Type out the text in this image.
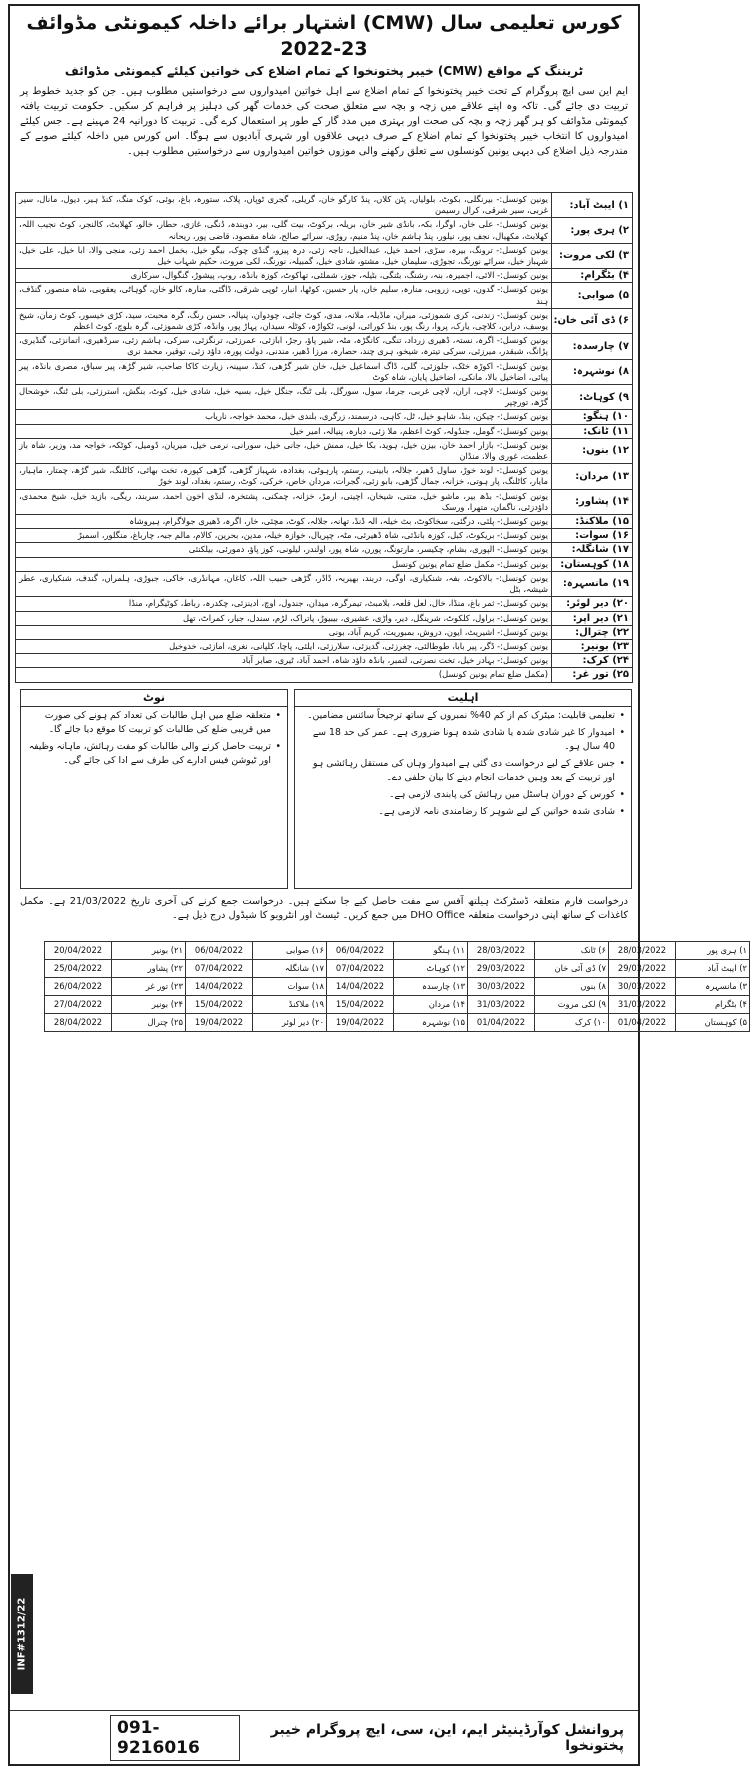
اشتہار برائے داخلہ کیمونٹی مڈوائف (CMW) کورس تعلیمی سال 23-2022
خیبر پختونخوا کے تمام اضلاع کی خواتین کیلئے کیمونٹی مڈوائف (CMW) ٹریننگ کے مواقع
ایم این سی ایچ پروگرام کے تحت خیبر پختونخوا کے تمام اضلاع سے اہل خواتین امیدواروں سے درخواستیں مطلوب ہیں۔ جن کو جدید خطوط پر تربیت دی جائے گی۔ تاکہ وہ اپنے علاقے میں زچہ و بچہ سے متعلق صحت کی خدمات گھر کی دہلیز پر فراہم کر سکیں۔ حکومت تربیت یافتہ کیمونٹی مڈوائف کو ہر گھر زچہ و بچہ کی صحت اور بہتری میں مدد گار کے طور پر استعمال کرے گی۔ تربیت کا دورانیہ 24 مہینے ہے۔ جس کیلئے امیدواروں کا انتخاب خیبر پختونخوا کے تمام اضلاع کے صرف دیہی علاقوں اور شہری آبادیوں سے ہوگا۔ اس کورس میں داخلہ کیلئے صوبے کے مندرجہ ذیل اضلاع کی دیہی یونین کونسلوں سے تعلق رکھنے والی موزوں خواتین امیدواروں سے درخواستیں مطلوب ہیں۔
۱) ایبٹ آباد:	یونین کونسل:- بیرنگلی، بکوٹ، بلولیاں، پٹن کلاں، پنڈ کارگو خان، گریلی، گجری ٹوپاں، پلاک، ستورہ، باغ، بوئی، کوک منگ، کنڈ ہیر، دیول، مانال، سیر غربی، سیر شرقی، کرال رسیمن
۲) ہری پور:	یونین کونسل:- علی خان، اوگرا، بکہ، بانڈی شیر خان، بریلہ، برکوٹ، بیت گلی، بیر، دوبندہ، ڈنگی، غازی، حطار، خالو، کھلابٹ، کالنجر، کوٹ نجیب اللہ، کھلابٹ، مکھیال، نجف پور، نیلور، پنڈ ہاشم خان، پنڈ منیم، روڑی، سرائے صالح، شاہ مقصود، قاضی پور، ریحانہ
۳) لکی مروت:	یونین کونسل:- ترونگ، بیرہ، سڑی، احمد خیل، عبدالخیل، تاجہ زئی، درہ پیزو، گنڈی چوک، بیگو خیل، بخمل احمد زئی، منجی والا، ابا خیل، علی خیل، شہباز خیل، سرائے نورنگ، تجوڑی، سلیمان خیل، مشتو، شادی خیل، گمبیلہ، نورنگ، لکی مروت، حکیم شہاب خیل
۴) بٹگرام:	یونین کونسل:- الائی، اجمیرہ، بنہ، رشنگ، بٹنگی، بٹیلہ، جوز، شملئی، تھاکوٹ، کوزہ بانڈہ، روپ، پیشوڑ، گنگوال، سرکاری
۵) صوابی:	یونین کونسل:- گدون، توپی، زروبی، منارہ، سلیم خان، یار حسین، کوٹھا، انبار، ٹوپی شرقی، ڈاگئی، منارہ، کالو خان، گوہاٹی، یعقوبی، شاہ منصور، گنڈف، ہند
۶) ڈی آئی خان:	یونین کونسل:- زندنی، کری شموزئی، میران، ماڈیلہ، ملانہ، مدی، کوٹ جائی، چودوان، پنیالہ، حسن رنگ، گرہ محبت، سید، کڑی خیسور، کوٹ زمان، شیخ یوسف، درابن، کلاچی، یارک، پروا، رنگ پور، بنڈ کورائی، لونی، ٹکواڑہ، کوٹلہ سیدان، پہاڑ پور، وانڈہ، کڑی شموزئی، گرہ بلوچ، کوٹ اعظم
۷) چارسدہ:	یونین کونسل:- اگرہ، نستہ، ڈھیری زرداد، تنگی، کانگڑہ، مٹہ، شیر پاؤ، رجڑ، ابازئی، عمرزئی، ترنگزئی، سرکی، ہاشم زئی، سرڈھیری، اتمانزئی، گنڈیری، پڑانگ، شبقدر، میرزئی، سرکی تیترہ، شیخو، ہری چند، حصارہ، مرزا ڈھیر، مندنی، دولت پورہ، داؤد زئی، توقیر، محمد نری
۸) نوشہرہ:	یونین کونسل:- اکوڑہ خٹک، جلوزئی، گلی، ڈاگ اسماعیل خیل، خان شیر گڑھی، کنڈ، سپینہ، زیارت کاکا صاحب، شیر گڑھ، پیر سباق، مصری بانڈہ، پیر پیائی، اضاخیل بالا، مانکی، اضاخیل پایان، شاہ کوٹ
۹) کوہاٹ:	یونین کونسل:- لاچی، اران، لاچی غربی، جرما، سول، سورگل، بلی ٹنگ، جنگل خیل، بسیہ خیل، شادی خیل، کوٹ، بنگش، استرزئی، بلی ٹنگ، خوشحال گڑھ، تورچپر
۱۰) ہنگو:	یونین کونسل:- چیکن، بنڈ، شاہو خیل، ٹل، کاہی، درسمند، زرگری، بلندی خیل، محمد خواجہ، ناریاب
۱۱) ٹانک:	یونین کونسل:- گومل، جنڈولہ، کوٹ اعظم، ملا زئی، دبارہ، پنیالہ، امیر خیل
۱۲) بنوں:	یونین کونسل:- بازار احمد خان، بیزن خیل، ہوید، بکا خیل، ممش خیل، جانی خیل، سورانی، نرمی خیل، میریان، ڈومیل، کوٹکہ، خواجہ مد، وزیر، شاہ باز عظمت، غوری والا، منڈان
۱۳) مردان:	یونین کونسل:- لوند خوڑ، ساول ڈھیر، جلالہ، بابینی، رستم، پارہوٹی، بغدادہ، شہباز گڑھی، گڑھی کپورہ، تخت بھائی، کاٹلنگ، شیر گڑھ، چمتار، ماہیار، مایار، کاٹلنگ، پار ہوتی، خزانہ، جمال گڑھی، بابو زئی، گجرات، مردان خاص، خرکی، کوٹ، رستم، بغداد، لوند خوڑ
۱۴) پشاور:	یونین کونسل:- بڈھ بیر، ماشو خیل، متنی، شیخان، اچینی، ارمڑ، خزانہ، چمکنی، پشتخرہ، لنڈی اخون احمد، سربند، ریگی، بازید خیل، شیخ محمدی، داؤدزئی، ناگمان، متھرا، ورسک
۱۵) ملاکنڈ:	یونین کونسل:- پلئی، درگئی، سخاکوٹ، بٹ خیلہ، الہ ڈنڈ، تھانہ، جلالہ، کوٹ، مچئی، خار، اگرہ، ڈھیری جولاگرام، ہیروشاہ
۱۶) سوات:	یونین کونسل:- بریکوٹ، کبل، کوزہ بانڈئی، شاہ ڈھیرئی، مٹہ، چپریال، خوازہ خیلہ، مدین، بحرین، کالام، مالم جبہ، چارباغ، منگلور، اسمبڑ
۱۷) شانگلہ:	یونین کونسل:- الپوری، بشام، چکیسر، مارتونگ، پورن، شاہ پور، اولندر، لیلونی، کوز پاؤ، دمورئی، بیلکنئی
۱۸) کوہستان:	یونین کونسل:- مکمل ضلع تمام یونین کونسل
۱۹) مانسہرہ:	یونین کونسل:- بالاکوٹ، بفہ، شنکیاری، اوگی، دربند، بھیربہ، ڈاڈر، گڑھی حبیب اللہ، کاغان، مہانڈری، خاکی، جبوڑی، ہلمراں، گندف، شنکیاری، عطر شیشہ، بٹل
۲۰) دیر لوئر:	یونین کونسل:- ثمر باغ، منڈا، خال، لعل قلعہ، بلامبٹ، تیمرگرہ، میدان، جندول، اوچ، ادینزئی، چکدرہ، رباط، کوٹیگرام، منڈا
۲۱) دیر اپر:	یونین کونسل:- براول، کلکوٹ، شرینگل، دیر، واڑی، عشیری، بیبیوڑ، پاتراک، لڑم، سندل، جبار، کمراٹ، تھل
۲۲) چترال:	یونین کونسل:- اشیریٹ، ایون، دروش، بمبوریت، کریم آباد، بونی
۲۳) بونیر:	یونین کونسل:- ڈگر، پیر بابا، طوطالئی، چغرزئی، گدیزئی، سلارزئی، ایلئی، پاچا، کلپانی، نغری، امازئی، خدوخیل
۲۴) کرک:	یونین کونسل:- بہادر خیل، تخت نصرتی، لتمبر، بانڈہ داؤد شاہ، احمد آباد، ٹیری، صابر آباد
۲۵) تور غر:	(مکمل ضلع تمام یونین کونسل)
اہلیت
• تعلیمی قابلیت: میٹرک کم از کم 40% نمبروں کے ساتھ ترجیحاً سائنس مضامین۔
• امیدوار کا غیر شادی شدہ یا شادی شدہ ہونا ضروری ہے۔ عمر کی حد 18 سے 40 سال ہو۔
• جس علاقے کے لیے درخواست دی گئی ہے امیدوار وہاں کی مستقل رہائشی ہو اور تربیت کے بعد وہیں خدمات انجام دینے کا بیان حلفی دے۔
• کورس کے دوران ہاسٹل میں رہائش کی پابندی لازمی ہے۔
• شادی شدہ خواتین کے لیے شوہر کا رضامندی نامہ لازمی ہے۔
نوٹ
• متعلقہ ضلع میں اہل طالبات کی تعداد کم ہونے کی صورت میں قریبی ضلع کی طالبات کو تربیت کا موقع دیا جائے گا۔
• تربیت حاصل کرنے والی طالبات کو مفت رہائش، ماہانہ وظیفہ اور ٹیوشن فیس ادارے کی طرف سے ادا کی جائے گی۔
درخواست فارم متعلقہ ڈسٹرکٹ ہیلتھ آفس سے مفت حاصل کیے جا سکتے ہیں۔ درخواست جمع کرنے کی آخری تاریخ 21/03/2022 ہے۔ مکمل کاغذات کے ساتھ اپنی درخواست متعلقہ DHO Office میں جمع کریں۔ ٹیسٹ اور انٹرویو کا شیڈول درج ذیل ہے۔
۱) ہری پور	28/03/2022	۶) ٹانک	28/03/2022	۱۱) ہنگو	06/04/2022	۱۶) صوابی	06/04/2022	۲۱) بونیر	20/04/2022
۲) ایبٹ آباد	29/03/2022	۷) ڈی آئی خان	29/03/2022	۱۲) کوہاٹ	07/04/2022	۱۷) شانگلہ	07/04/2022	۲۲) پشاور	25/04/2022
۳) مانسہرہ	30/03/2022	۸) بنوں	30/03/2022	۱۳) چارسدہ	14/04/2022	۱۸) سوات	14/04/2022	۲۳) تور غر	26/04/2022
۴) بٹگرام	31/03/2022	۹) لکی مروت	31/03/2022	۱۴) مردان	15/04/2022	۱۹) ملاکنڈ	15/04/2022	۲۴) بونیر	27/04/2022
۵) کوہستان	01/04/2022	۱۰) کرک	01/04/2022	۱۵) نوشہرہ	19/04/2022	۲۰) دیر لوئر	19/04/2022	۲۵) چترال	28/04/2022
INF#1312/22
091-9216016
پروانشل کوآرڈینیٹر ایم، این، سی، ایچ پروگرام خیبر پختونخوا
